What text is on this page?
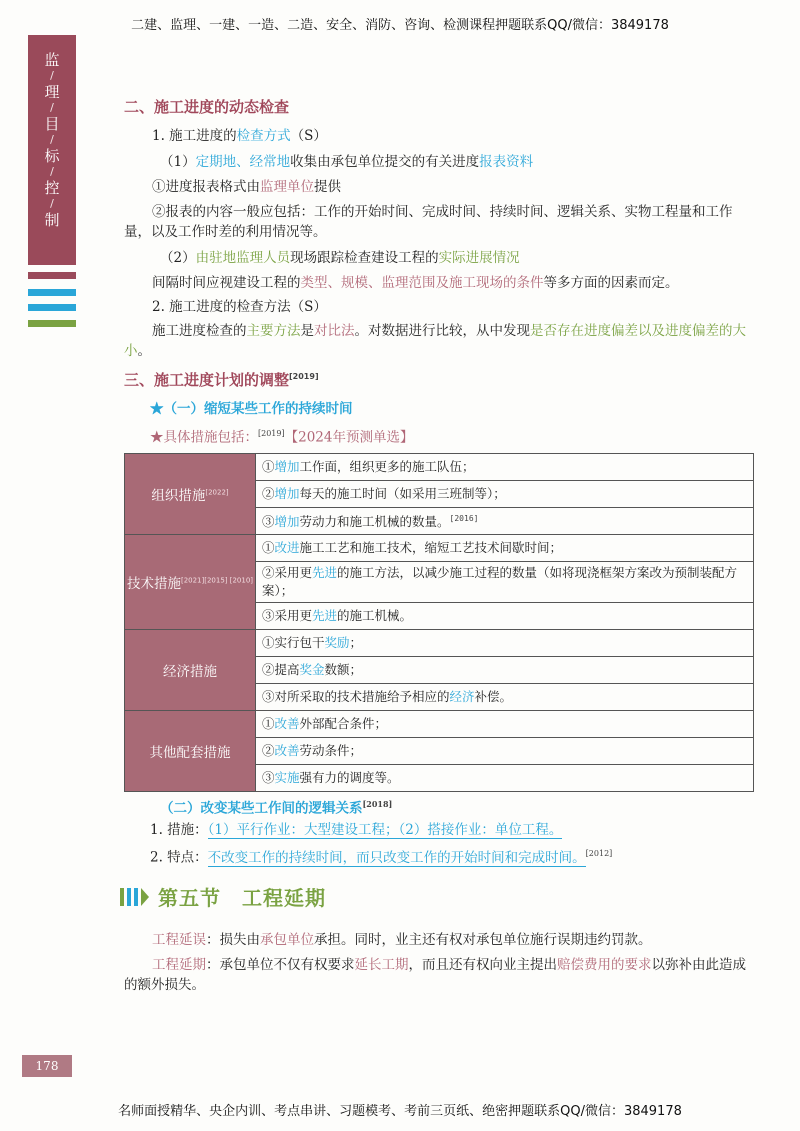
二建、监理、一建、一造、二造、安全、消防、咨询、检测课程押题联系QQ/微信：3849178
监
/
理
/
目
/
标
/
控
/
制
二、施工进度的动态检查
1. 施工进度的检查方式（S）
（1）定期地、经常地收集由承包单位提交的有关进度报表资料
①进度报表格式由监理单位提供
②报表的内容一般应包括：工作的开始时间、完成时间、持续时间、逻辑关系、实物工程量和工作量，以及工作时差的利用情况等。
（2）由驻地监理人员现场跟踪检查建设工程的实际进展情况
间隔时间应视建设工程的类型、规模、监理范围及施工现场的条件等多方面的因素而定。
2. 施工进度的检查方法（S）
施工进度检查的主要方法是对比法。对数据进行比较，从中发现是否存在进度偏差以及进度偏差的大小。
三、施工进度计划的调整[2019]
★（一）缩短某些工作的持续时间
★具体措施包括：[2019]【2024年预测单选】
组织措施[2022]	①增加工作面，组织更多的施工队伍；
	②增加每天的施工时间（如采用三班制等）；
	③增加劳动力和施工机械的数量。[2016]
技术措施[2021][2015] [2010]	①改进施工工艺和施工技术，缩短工艺技术间歇时间；
	②采用更先进的施工方法，以减少施工过程的数量（如将现浇框架方案改为预制装配方案）；
	③采用更先进的施工机械。
经济措施	①实行包干奖励；
	②提高奖金数额；
	③对所采取的技术措施给予相应的经济补偿。
其他配套措施	①改善外部配合条件；
	②改善劳动条件；
	③实施强有力的调度等。
（二）改变某些工作间的逻辑关系[2018]
1. 措施：（1）平行作业：大型建设工程；（2）搭接作业：单位工程。
2. 特点：不改变工作的持续时间，而只改变工作的开始时间和完成时间。[2012]
第五节　工程延期
工程延误：损失由承包单位承担。同时，业主还有权对承包单位施行误期违约罚款。
工程延期：承包单位不仅有权要求延长工期，而且还有权向业主提出赔偿费用的要求以弥补由此造成的额外损失。
178
名师面授精华、央企内训、考点串讲、习题模考、考前三页纸、绝密押题联系QQ/微信：3849178
